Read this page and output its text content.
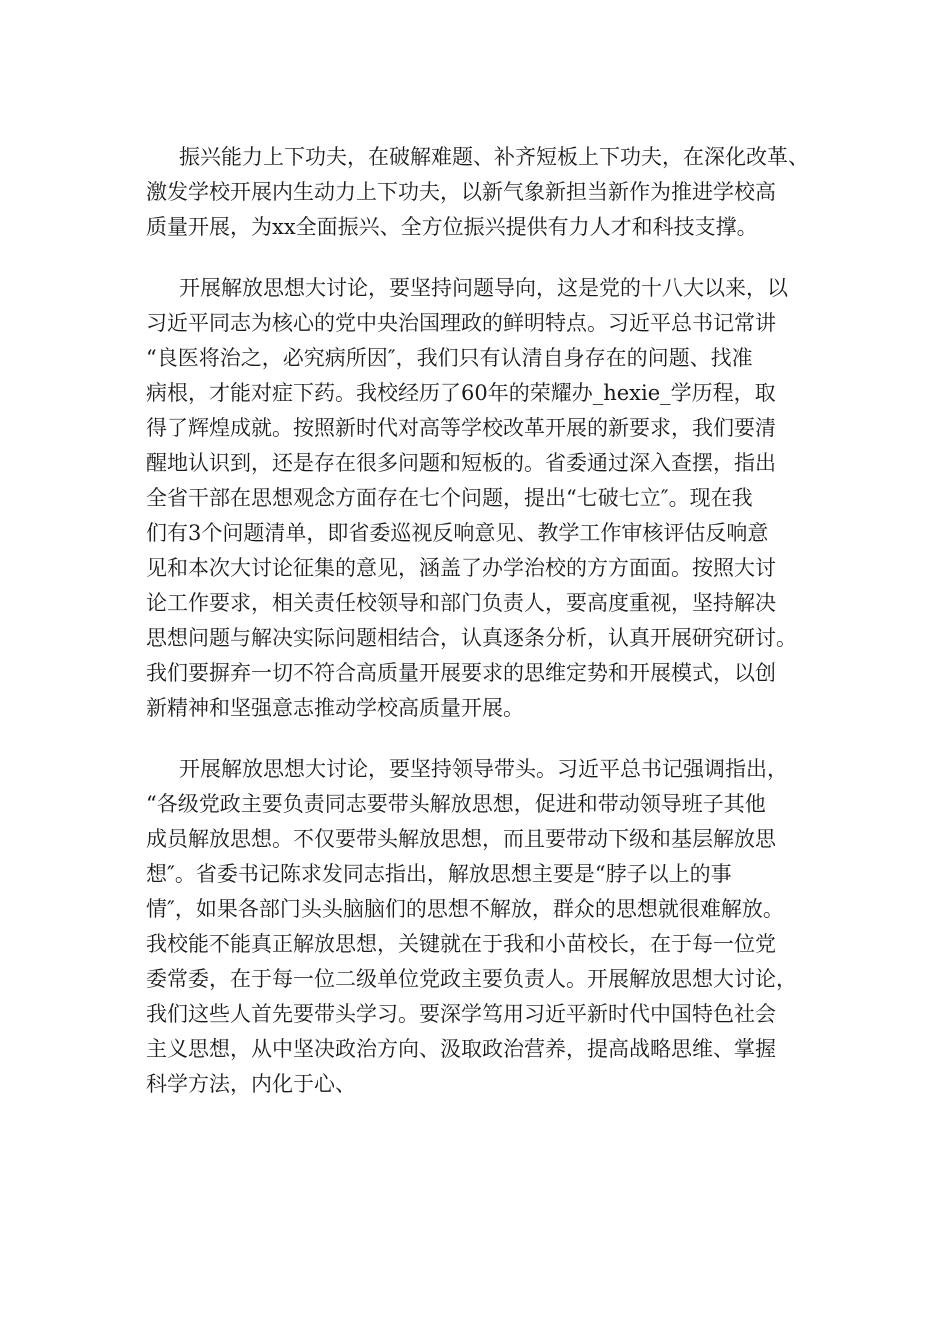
振兴能力上下功夫，在破解难题、补齐短板上下功夫，在深化改革、
激发学校开展内生动力上下功夫，以新气象新担当新作为推进学校高
质量开展，为xx全面振兴、全方位振兴提供有力人才和科技支撑。
开展解放思想大讨论，要坚持问题导向，这是党的十八大以来，以
习近平同志为核心的党中央治国理政的鲜明特点。习近平总书记常讲
“良医将治之，必究病所因″，我们只有认清自身存在的问题、找准
病根，才能对症下药。我校经历了60年的荣耀办_hexie_学历程，取
得了辉煌成就。按照新时代对高等学校改革开展的新要求，我们要清
醒地认识到，还是存在很多问题和短板的。省委通过深入查摆，指出
全省干部在思想观念方面存在七个问题，提出“七破七立″。现在我
们有3个问题清单，即省委巡视反响意见、教学工作审核评估反响意
见和本次大讨论征集的意见，涵盖了办学治校的方方面面。按照大讨
论工作要求，相关责任校领导和部门负责人，要高度重视，坚持解决
思想问题与解决实际问题相结合，认真逐条分析，认真开展研究研讨。
我们要摒弃一切不符合高质量开展要求的思维定势和开展模式，以创
新精神和坚强意志推动学校高质量开展。
开展解放思想大讨论，要坚持领导带头。习近平总书记强调指出，
“各级党政主要负责同志要带头解放思想，促进和带动领导班子其他
成员解放思想。不仅要带头解放思想，而且要带动下级和基层解放思
想″。省委书记陈求发同志指出，解放思想主要是“脖子以上的事
情″，如果各部门头头脑脑们的思想不解放，群众的思想就很难解放。
我校能不能真正解放思想，关键就在于我和小苗校长，在于每一位党
委常委，在于每一位二级单位党政主要负责人。开展解放思想大讨论，
我们这些人首先要带头学习。要深学笃用习近平新时代中国特色社会
主义思想，从中坚决政治方向、汲取政治营养，提高战略思维、掌握
科学方法，内化于心、
